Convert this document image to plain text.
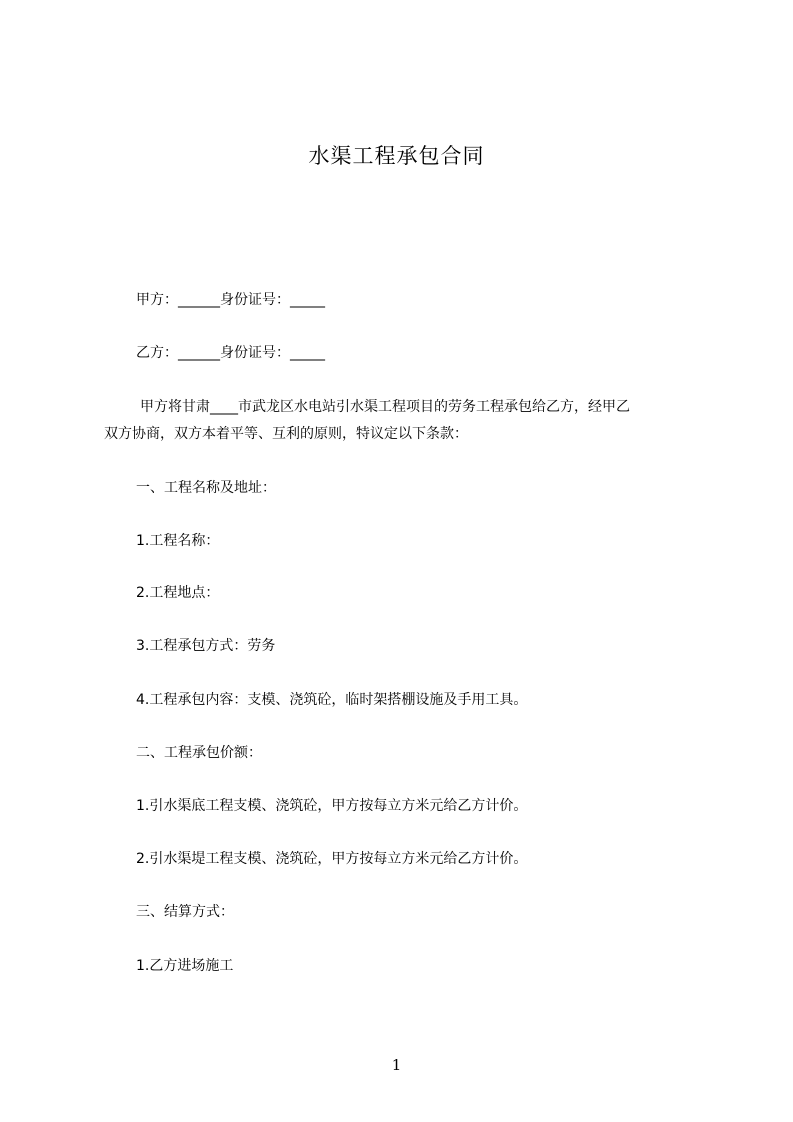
水渠工程承包合同
甲方：______身份证号：_____
乙方：______身份证号：_____
甲方将甘肃____市武龙区水电站引水渠工程项目的劳务工程承包给乙方，经甲乙
双方协商，双方本着平等、互利的原则，特议定以下条款：
一、工程名称及地址：
1.工程名称：
2.工程地点：
3.工程承包方式：劳务
4.工程承包内容：支模、浇筑砼，临时架搭棚设施及手用工具。
二、工程承包价额：
1.引水渠底工程支模、浇筑砼，甲方按每立方米元给乙方计价。
2.引水渠堤工程支模、浇筑砼，甲方按每立方米元给乙方计价。
三、结算方式：
1.乙方进场施工
1
